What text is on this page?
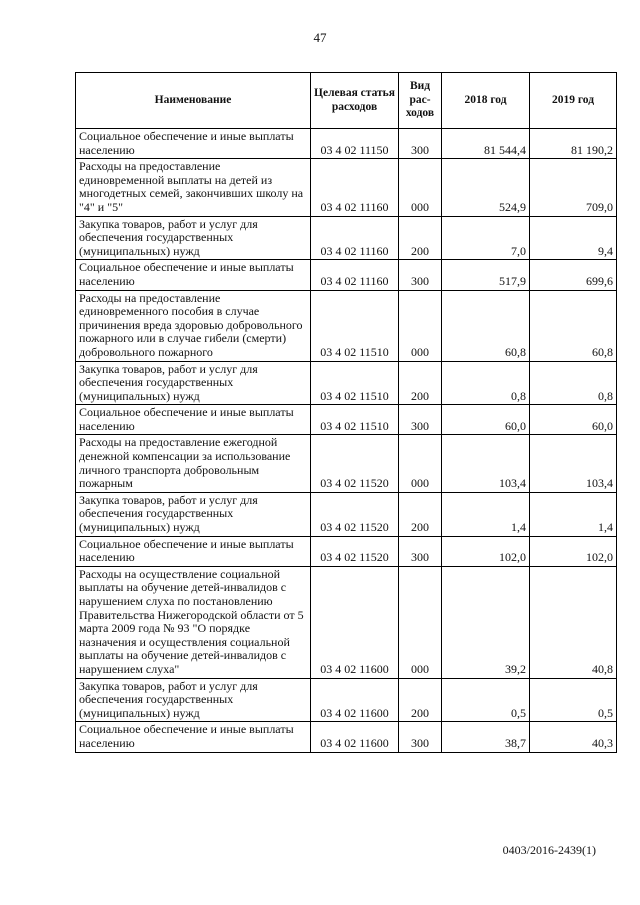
47
Наименование	Целевая статья расходов	Вид рас-ходов	2018 год	2019 год
Социальное обеспечение и иные выплаты населению	03 4 02 11150	300	81 544,4	81 190,2
Расходы на предоставление единовременной выплаты на детей из многодетных семей, закончивших школу на "4" и "5"	03 4 02 11160	000	524,9	709,0
Закупка товаров, работ и услуг для обеспечения государственных (муниципальных) нужд	03 4 02 11160	200	7,0	9,4
Социальное обеспечение и иные выплаты населению	03 4 02 11160	300	517,9	699,6
Расходы на предоставление единовременного пособия в случае причинения вреда здоровью добровольного пожарного или в случае гибели (смерти) добровольного пожарного	03 4 02 11510	000	60,8	60,8
Закупка товаров, работ и услуг для обеспечения государственных (муниципальных) нужд	03 4 02 11510	200	0,8	0,8
Социальное обеспечение и иные выплаты населению	03 4 02 11510	300	60,0	60,0
Расходы на предоставление ежегодной денежной компенсации за использование личного транспорта добровольным пожарным	03 4 02 11520	000	103,4	103,4
Закупка товаров, работ и услуг для обеспечения государственных (муниципальных) нужд	03 4 02 11520	200	1,4	1,4
Социальное обеспечение и иные выплаты населению	03 4 02 11520	300	102,0	102,0
Расходы на осуществление социальной выплаты на обучение детей-инвалидов с нарушением слуха по постановлению Правительства Нижегородской области от 5 марта 2009 года № 93 "О порядке назначения и осуществления социальной выплаты на обучение детей-инвалидов с нарушением слуха"	03 4 02 11600	000	39,2	40,8
Закупка товаров, работ и услуг для обеспечения государственных (муниципальных) нужд	03 4 02 11600	200	0,5	0,5
Социальное обеспечение и иные выплаты населению	03 4 02 11600	300	38,7	40,3
0403/2016-2439(1)
